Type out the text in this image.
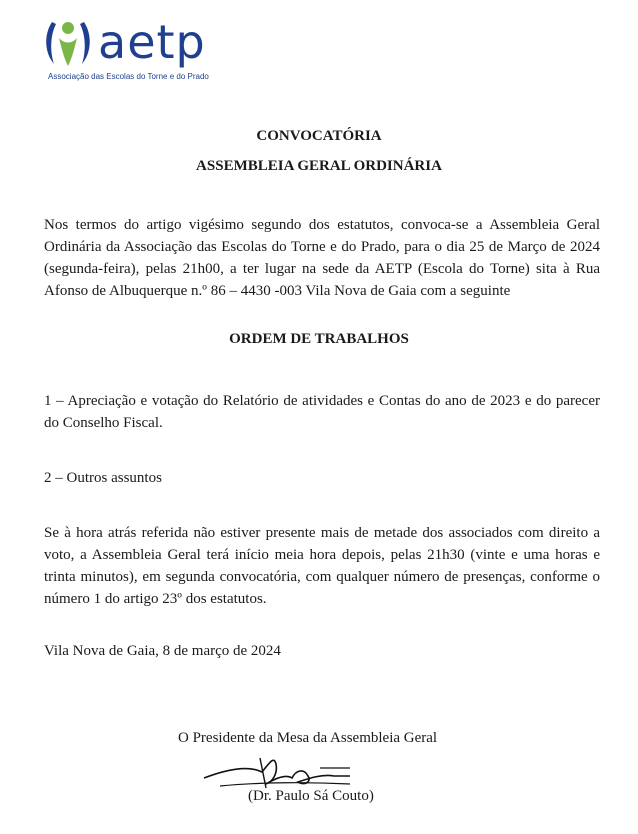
aetp
Associação das Escolas do Torne e do Prado
CONVOCATÓRIA
ASSEMBLEIA GERAL ORDINÁRIA
Nos termos do artigo vigésimo segundo dos estatutos, convoca-se a Assembleia Geral Ordinária da Associação das Escolas do Torne e do Prado, para o dia 25 de Março de 2024 (segunda-feira), pelas 21h00, a ter lugar na sede da AETP (Escola do Torne) sita à Rua Afonso de Albuquerque n.º 86 – 4430 -003 Vila Nova de Gaia com a seguinte
ORDEM DE TRABALHOS
1 – Apreciação e votação do Relatório de atividades e Contas do ano de 2023 e do parecer do Conselho Fiscal.
2 – Outros assuntos
Se à hora atrás referida não estiver presente mais de metade dos associados com direito a voto, a Assembleia Geral terá início meia hora depois, pelas 21h30 (vinte e uma horas e trinta minutos), em segunda convocatória, com qualquer número de presenças, conforme o número 1 do artigo 23º dos estatutos.
Vila Nova de Gaia, 8 de março de 2024
O Presidente da Mesa da Assembleia Geral
(Dr. Paulo Sá Couto)
